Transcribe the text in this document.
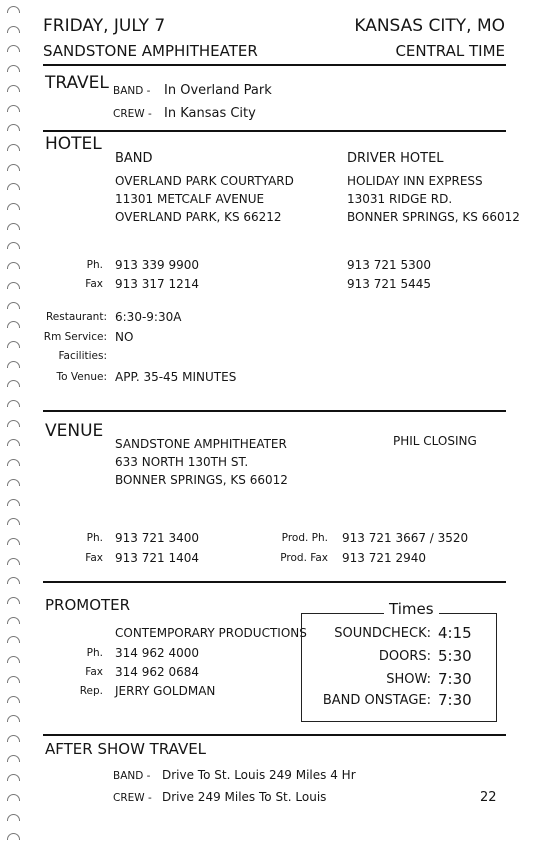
FRIDAY, JULY 7
SANDSTONE AMPHITHEATER
KANSAS CITY, MO
CENTRAL TIME
TRAVEL BAND - In Overland Park
CREW - In Kansas City
HOTEL
BAND
OVERLAND PARK COURTYARD
11301 METCALF AVENUE
OVERLAND PARK, KS 66212
DRIVER HOTEL
HOLIDAY INN EXPRESS
13031 RIDGE RD.
BONNER SPRINGS, KS 66012
Ph.
Fax
913 339 9900
913 317 1214
913 721 5300
913 721 5445
Restaurant: 6:30-9:30A
Rm Service: NO
Facilities:
To Venue: APP. 35-45 MINUTES
VENUE
SANDSTONE AMPHITHEATER
633 NORTH 130TH ST.
BONNER SPRINGS, KS 66012
PHIL CLOSING
Ph. 913 721 3400
Fax 913 721 1404
Prod. Ph. 913 721 3667 / 3520
Prod. Fax 913 721 2940
PROMOTER
CONTEMPORARY PRODUCTIONS
Ph. 314 962 4000
Fax 314 962 0684
Rep. JERRY GOLDMAN
Times
SOUNDCHECK: 4:15
DOORS: 5:30
SHOW: 7:30
BAND ONSTAGE: 7:30
AFTER SHOW TRAVEL
BAND - Drive To St. Louis 249 Miles 4 Hr
CREW - Drive 249 Miles To St. Louis	22
